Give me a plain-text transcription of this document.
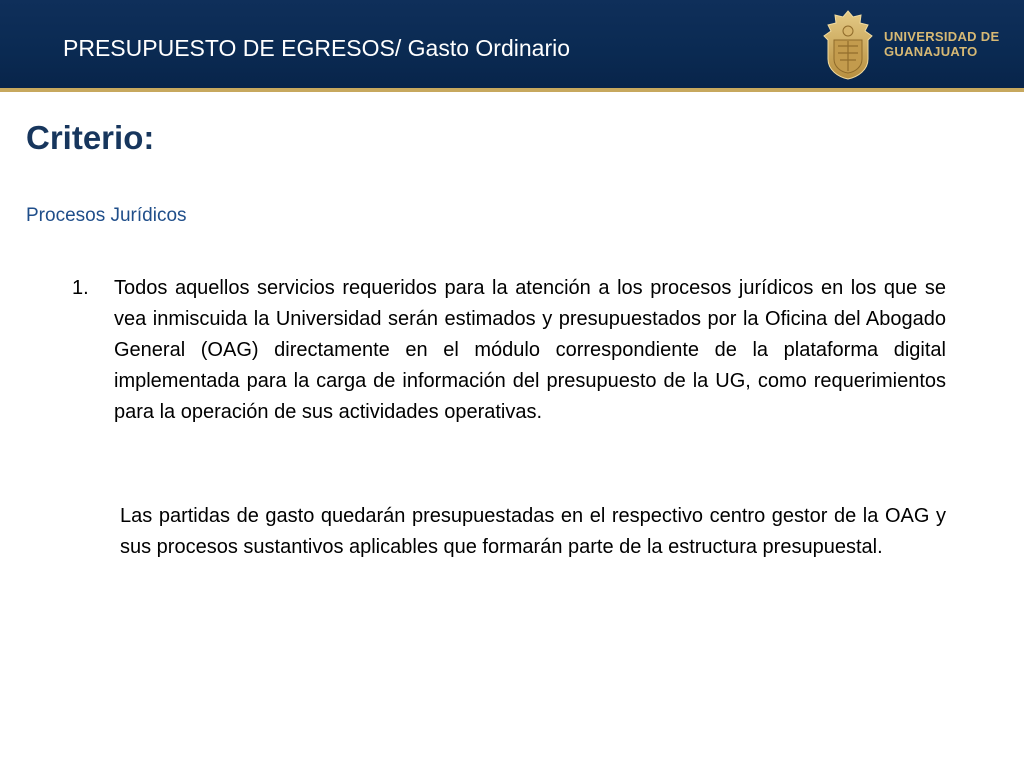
PRESUPUESTO DE EGRESOS/ Gasto Ordinario	UNIVERSIDAD DE
GUANAJUATO
Criterio:

Procesos Jurídicos

1. Todos aquellos servicios requeridos para la atención a los procesos jurídicos en los que se vea inmiscuida la Universidad serán estimados y presupuestados por la Oficina del Abogado General (OAG) directamente en el módulo correspondiente de la plataforma digital implementada para la carga de información del presupuesto de la UG, como requerimientos para la operación de sus actividades operativas.

Las partidas de gasto quedarán presupuestadas en el respectivo centro gestor de la OAG y sus procesos sustantivos aplicables que formarán parte de la estructura presupuestal.
